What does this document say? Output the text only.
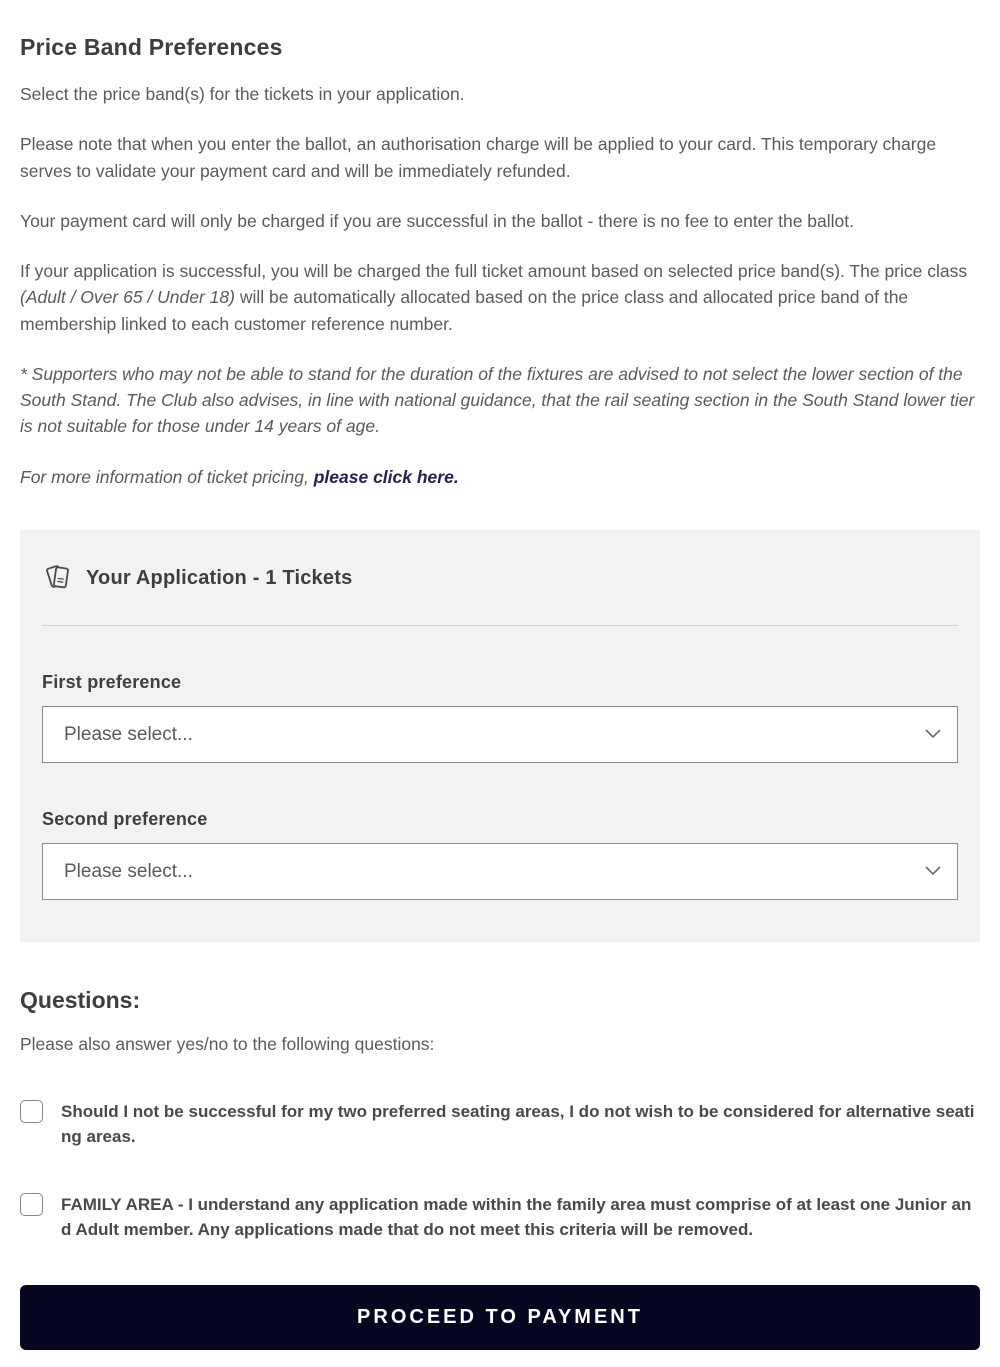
Price Band Preferences

Select the price band(s) for the tickets in your application.

Please note that when you enter the ballot, an authorisation charge will be applied to your card. This temporary charge serves to validate your payment card and will be immediately refunded.

Your payment card will only be charged if you are successful in the ballot - there is no fee to enter the ballot.

If your application is successful, you will be charged the full ticket amount based on selected price band(s). The price class (Adult / Over 65 / Under 18) will be automatically allocated based on the price class and allocated price band of the membership linked to each customer reference number.

* Supporters who may not be able to stand for the duration of the fixtures are advised to not select the lower section of the South Stand. The Club also advises, in line with national guidance, that the rail seating section in the South Stand lower tier is not suitable for those under 14 years of age.

For more information of ticket pricing, please click here.

Your Application - 1 Tickets
First preference
Please select...
Second preference
Please select...
Questions:

Please also answer yes/no to the following questions:

Should I not be successful for my two preferred seating areas, I do not wish to be considered for alternative seating areas.
FAMILY AREA - I understand any application made within the family area must comprise of at least one Junior and Adult member. Any applications made that do not meet this criteria will be removed.
PROCEED TO PAYMENT
